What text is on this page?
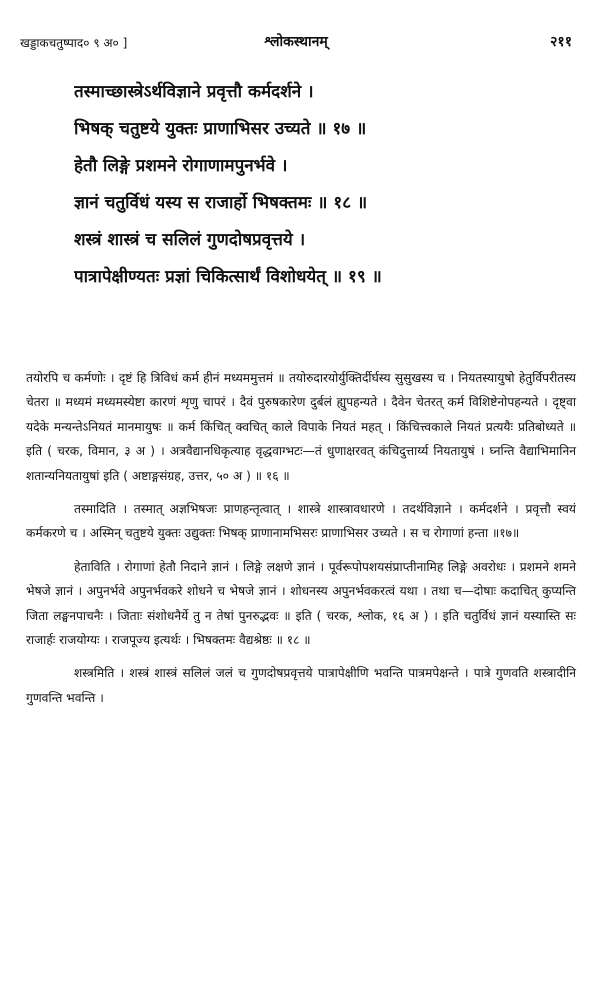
खड्डाकचतुष्पाद० ९ अ० ]	श्लोकस्थानम्	२११
तस्माच्छास्त्रेऽर्थविज्ञाने प्रवृत्तौ कर्मदर्शने ।
भिषक् चतुष्टये युक्तः प्राणाभिसर उच्यते ॥ १७ ॥
हेतौ लिङ्गे प्रशमने रोगाणामपुनर्भवे ।
ज्ञानं चतुर्विधं यस्य स राजार्हो भिषक्तमः ॥ १८ ॥
शस्त्रं शास्त्रं च सलिलं गुणदोषप्रवृत्तये ।
पात्रापेक्षीण्यतः प्रज्ञां चिकित्सार्थं विशोधयेत् ॥ १९ ॥

तयोरपि च कर्मणोः । दृष्टं हि त्रिविधं कर्म हीनं मध्यममुत्तमं ॥ तयोरुदारयोर्युक्तिर्दीर्घस्य सुसुखस्य च । नियतस्यायुषो हेतुर्विपरीतस्य चेतरा ॥ मध्यमं मध्यमस्येष्टा कारणं शृणु चापरं । दैवं पुरुषकारेण दुर्बलं ह्युपहन्यते । दैवेन चेतरत् कर्म विशिष्टेनोपहन्यते । दृष्ट्वा यदेके मन्यन्तेऽनियतं मानमायुषः ॥ कर्म किंचित् क्वचित् काले विपाके नियतं महत् । किंचित्त्वकाले नियतं प्रत्ययैः प्रतिबोध्यते ॥ इति ( चरक, विमान, ३ अ ) । अत्रवैद्यानधिकृत्याह वृद्धवाग्भटः—तं धुणाक्षरवत् कंचिदुत्तार्य्य नियतायुषं । घ्नन्ति वैद्याभिमानिन शतान्यनियतायुषां इति ( अष्टाङ्गसंग्रह, उत्तर, ५० अ ) ॥ १६ ॥

तस्मादिति । तस्मात् अज्ञभिषजः प्राणहन्तृत्वात् । शास्त्रे शास्त्रावधारणे । तदर्थविज्ञाने । कर्मदर्शने । प्रवृत्तौ स्वयं कर्मकरणे च । अस्मिन् चतुष्टये युक्तः उद्युक्तः भिषक् प्राणानामभिसरः प्राणाभिसर उच्यते । स च रोगाणां हन्ता ॥१७॥

हेताविति । रोगाणां हेतौ निदाने ज्ञानं । लिङ्गे लक्षणे ज्ञानं । पूर्वरूपोपशयसंप्राप्तीनामिह लिङ्गे अवरोधः । प्रशमने शमने भेषजे ज्ञानं । अपुनर्भवे अपुनर्भवकरे शोधने च भेषजे ज्ञानं । शोधनस्य अपुनर्भवकरत्वं यथा । तथा च—दोषाः कदाचित् कुप्यन्ति जिता लङ्घनपाचनैः । जिताः संशोधनैर्ये तु न तेषां पुनरुद्भवः ॥ इति ( चरक, श्लोक, १६ अ ) । इति चतुर्विधं ज्ञानं यस्यास्ति सः राजार्हः राजयोग्यः । राजपूज्य इत्यर्थः । भिषक्तमः वैद्यश्रेष्ठः ॥ १८ ॥

शस्त्रमिति । शस्त्रं शास्त्रं सलिलं जलं च गुणदोषप्रवृत्तये पात्रापेक्षीणि भवन्ति पात्रमपेक्षन्ते । पात्रे गुणवति शस्त्रादीनि गुणवन्ति भवन्ति ।
